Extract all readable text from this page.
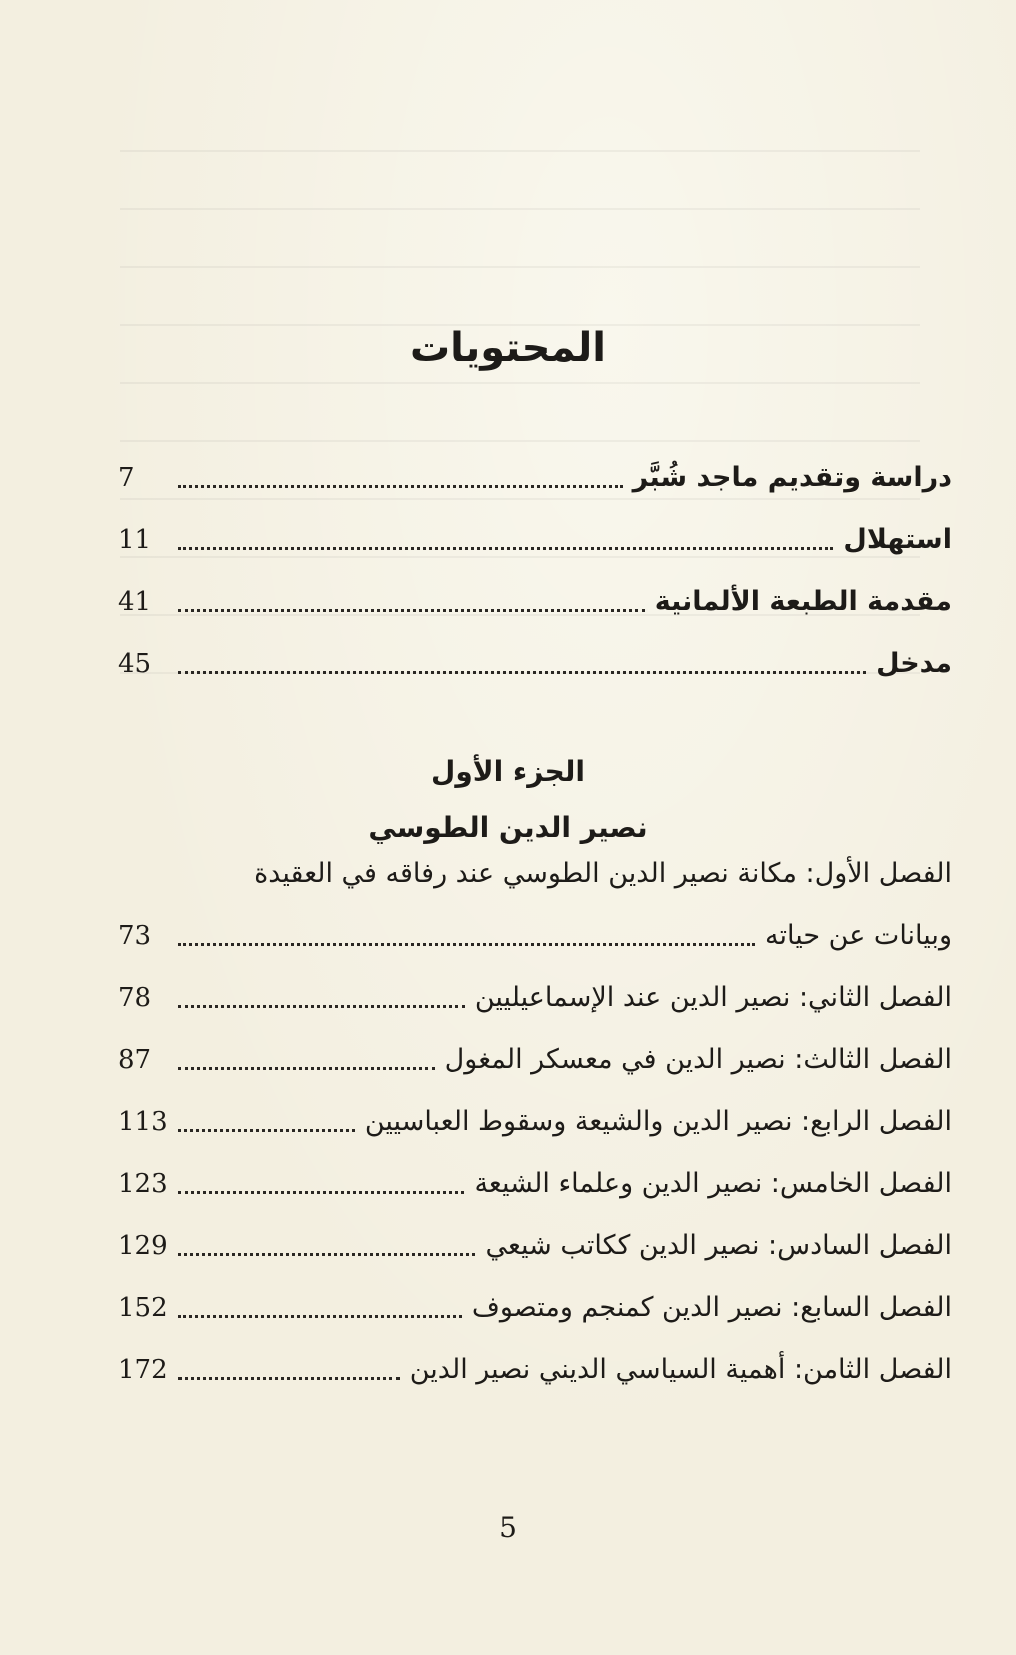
المحتويات
دراسة وتقديم ماجد شُبَّر
7
استهلال
11
مقدمة الطبعة الألمانية
41
مدخل
45
الفصل الأول: مكانة نصير الدين الطوسي عند رفاقه في العقيدة
وبيانات عن حياته
73
الفصل الثاني: نصير الدين عند الإسماعيليين
78
الفصل الثالث: نصير الدين في معسكر المغول
87
الفصل الرابع: نصير الدين والشيعة وسقوط العباسيين
113
الفصل الخامس: نصير الدين وعلماء الشيعة
123
الفصل السادس: نصير الدين ككاتب شيعي
129
الفصل السابع: نصير الدين كمنجم ومتصوف
152
الفصل الثامن: أهمية السياسي الديني نصير الدين
172
الجزء الأول
نصير الدين الطوسي
5
